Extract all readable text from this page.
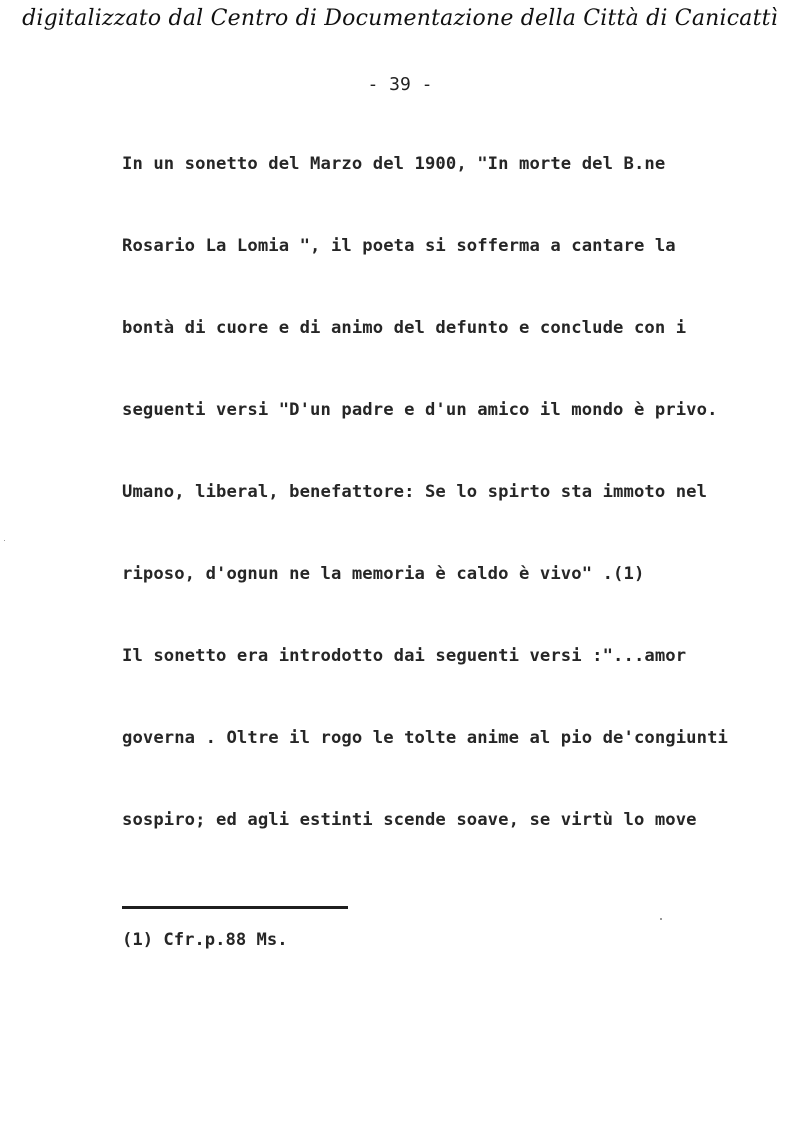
digitalizzato dal Centro di Documentazione della Città di Canicattì
- 39 -
In un sonetto del Marzo del 1900, "In morte del B.ne
Rosario La Lomia ", il poeta si sofferma a cantare la
bontà di cuore e di animo del defunto e conclude con i
seguenti versi "D'un padre e d'un amico il mondo è privo.
Umano, liberal, benefattore: Se lo spirto sta immoto nel
riposo, d'ognun ne la memoria è caldo è vivo" .(1)
Il sonetto era introdotto dai seguenti versi :"...amor
governa . Oltre il rogo le tolte anime al pio de'congiunti
sospiro; ed agli estinti scende soave, se virtù lo move
(1) Cfr.p.88 Ms.
